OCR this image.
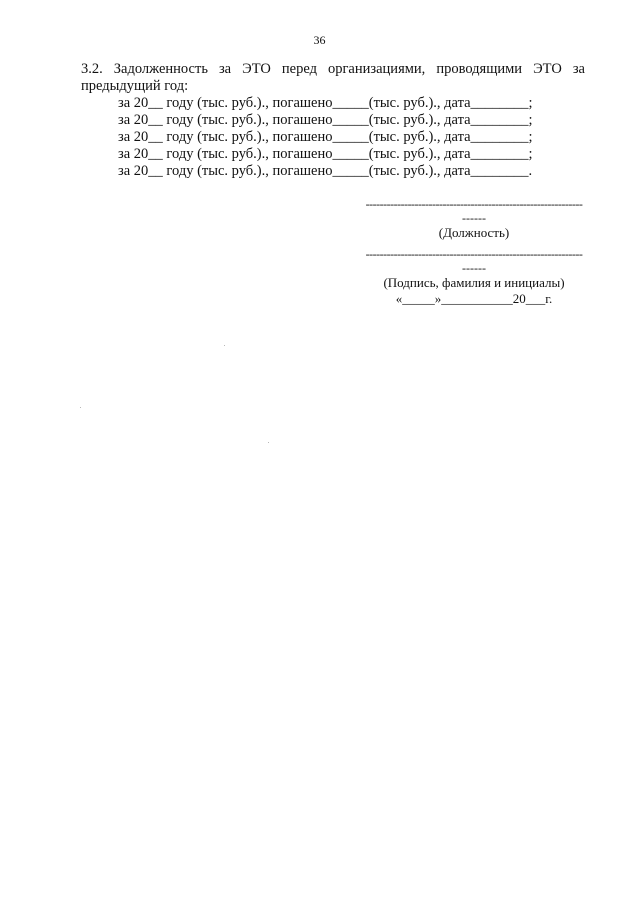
36

3.2. Задолженность за ЭТО перед организациями, проводящими ЭТО за предыдущий год:

за 20__ году (тыс. руб.)., погашено_____(тыс. руб.)., дата________;
за 20__ году (тыс. руб.)., погашено_____(тыс. руб.)., дата________;
за 20__ году (тыс. руб.)., погашено_____(тыс. руб.)., дата________;
за 20__ году (тыс. руб.)., погашено_____(тыс. руб.)., дата________;
за 20__ году (тыс. руб.)., погашено_____(тыс. руб.)., дата________.
--------------------------------------------------------------
------
(Должность)
--------------------------------------------------------------
------
(Подпись, фамилия и инициалы)
«_____»___________20___г.
